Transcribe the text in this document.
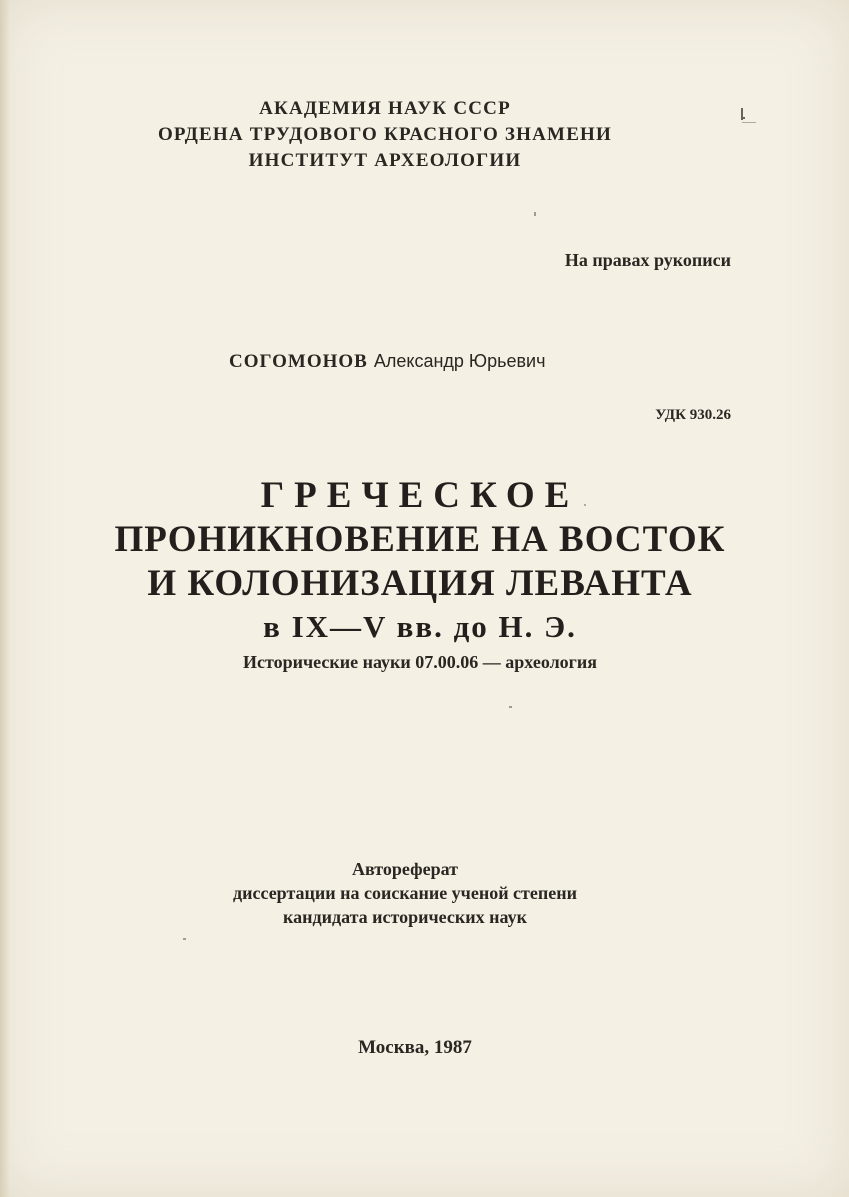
АКАДЕМИЯ НАУК СССР
ОРДЕНА ТРУДОВОГО КРАСНОГО ЗНАМЕНИ
ИНСТИТУТ АРХЕОЛОГИИ
На правах рукописи
СОГОМОНОВ Александр Юрьевич
УДК 930.26
ГРЕЧЕСКОЕ
ПРОНИКНОВЕНИЕ НА ВОСТОК
И КОЛОНИЗАЦИЯ ЛЕВАНТА
в IX—V вв. до Н. Э.
Исторические науки 07.00.06 — археология
Автореферат
диссертации на соискание ученой степени
кандидата исторических наук
Москва, 1987
